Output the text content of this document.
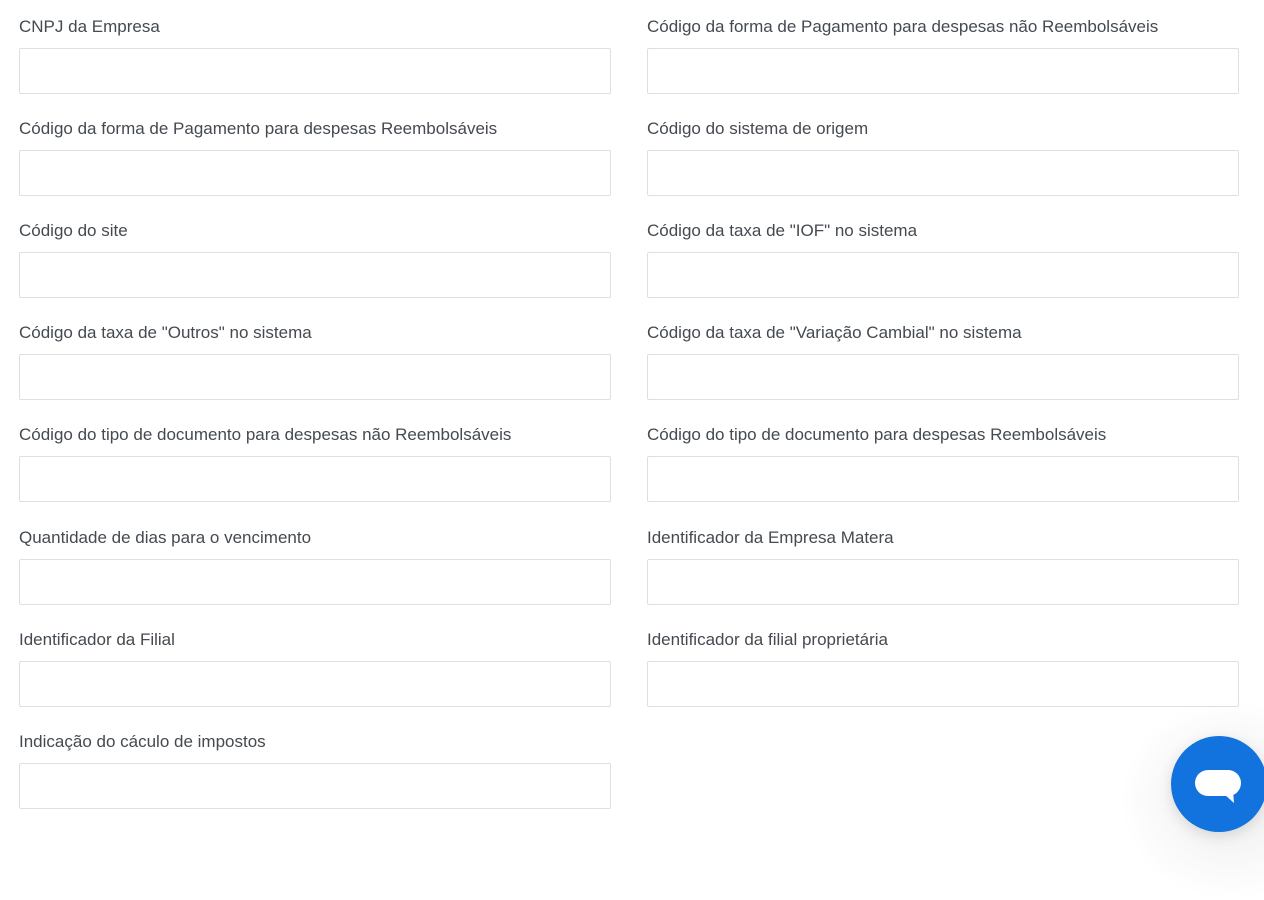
CNPJ da Empresa	Código da forma de Pagamento para despesas não Reembolsáveis
Código da forma de Pagamento para despesas Reembolsáveis	Código do sistema de origem
Código do site	Código da taxa de "IOF" no sistema
Código da taxa de "Outros" no sistema	Código da taxa de "Variação Cambial" no sistema
Código do tipo de documento para despesas não Reembolsáveis	Código do tipo de documento para despesas Reembolsáveis
Quantidade de dias para o vencimento	Identificador da Empresa Matera
Identificador da Filial	Identificador da filial proprietária
Indicação do cáculo de impostos
